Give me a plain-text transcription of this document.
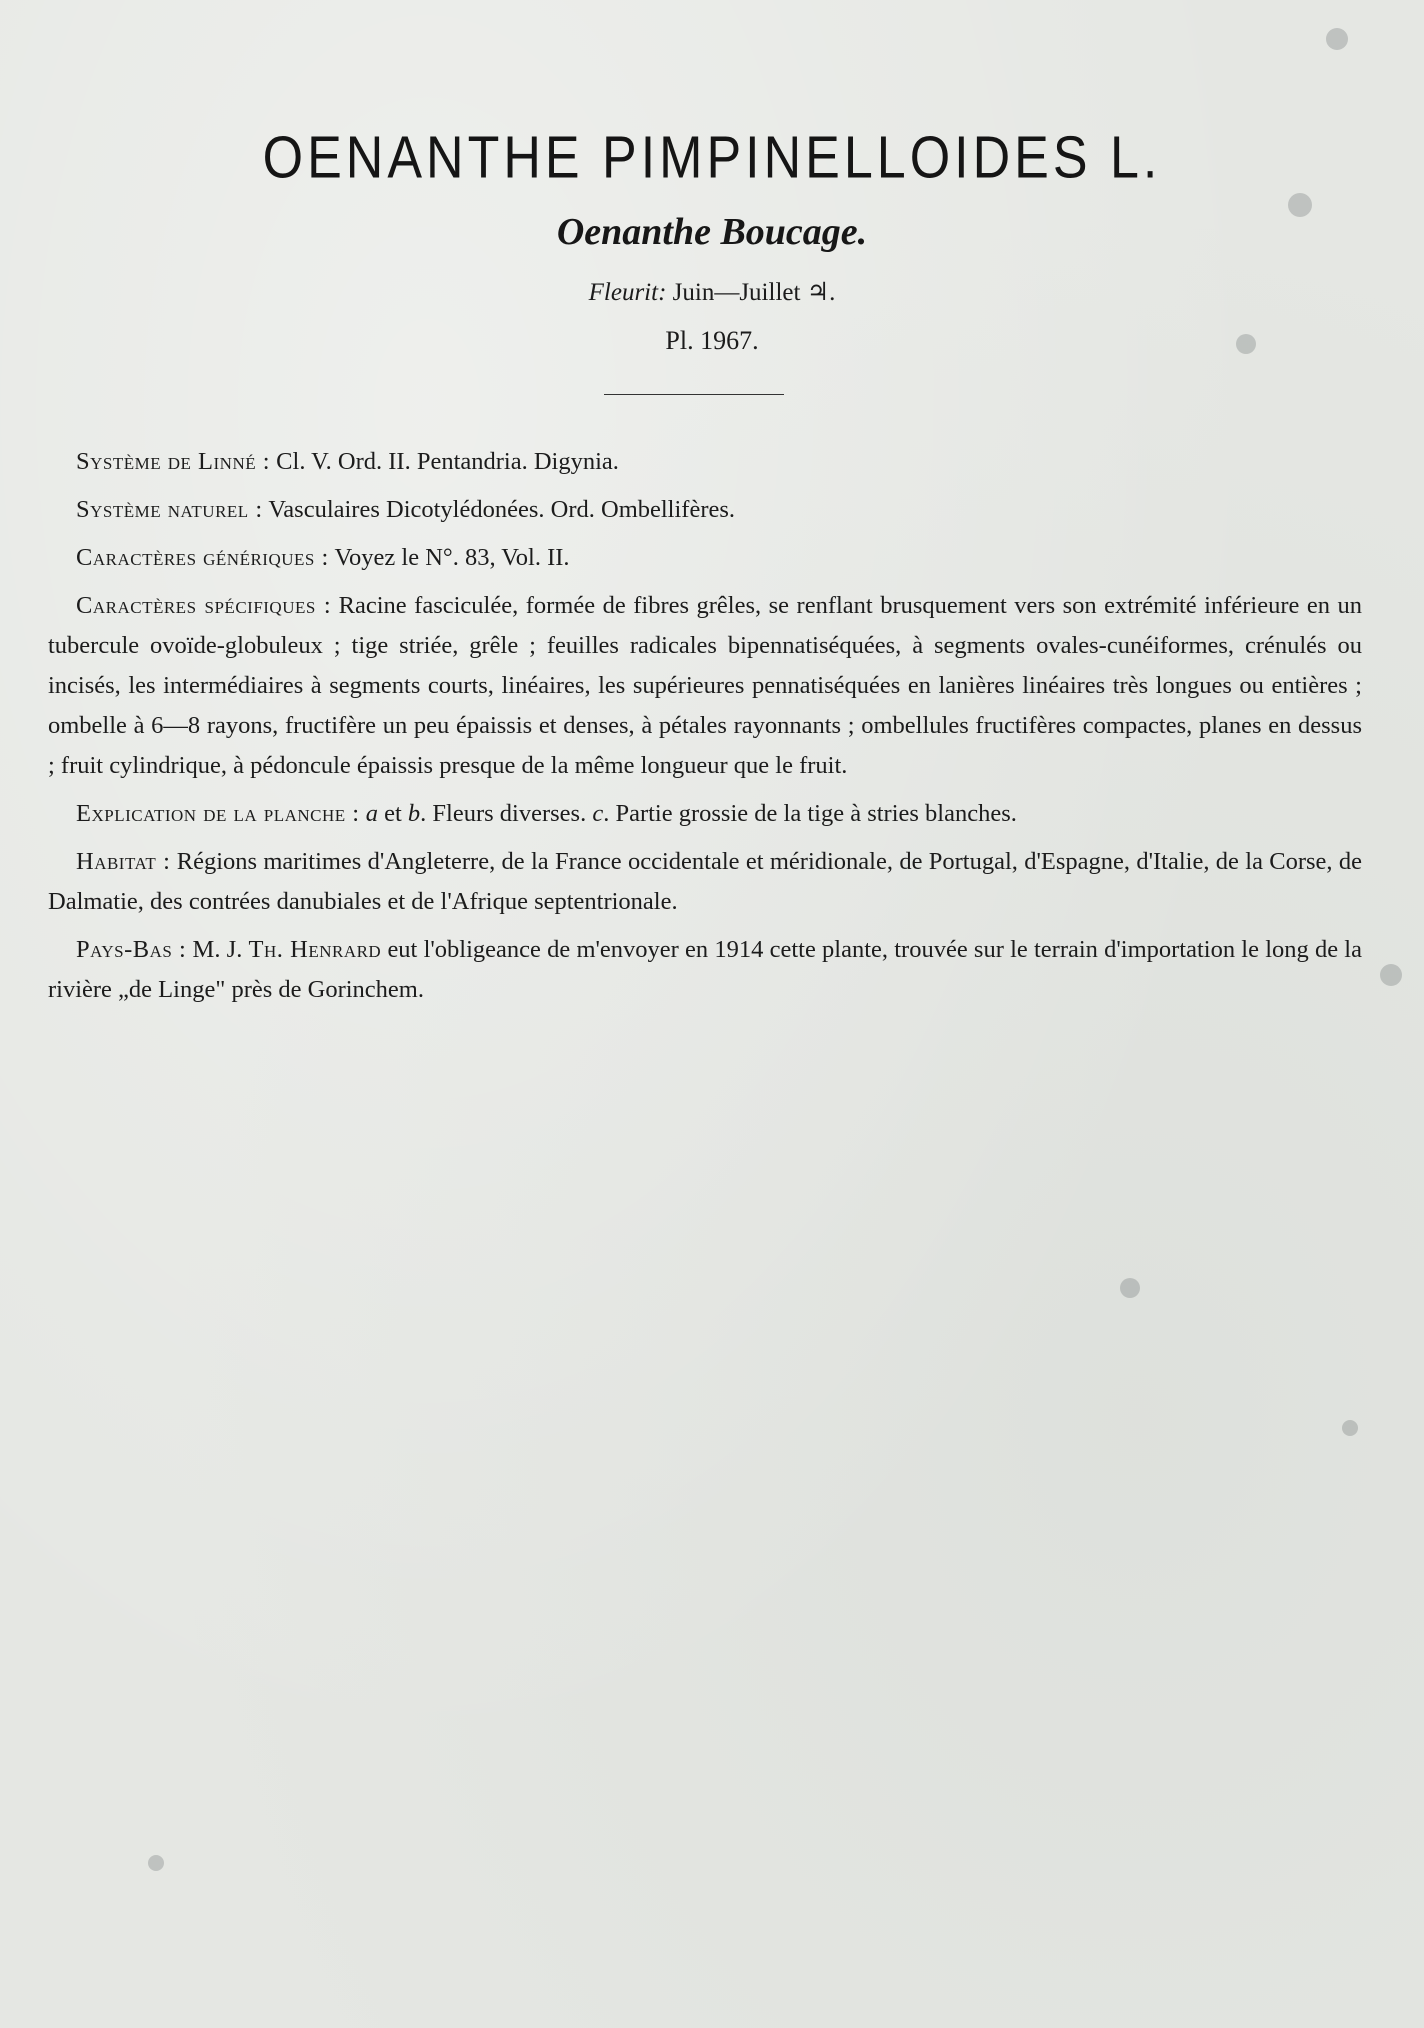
OENANTHE PIMPINELLOIDES L.
Oenanthe Boucage.
Fleurit: Juin—Juillet ♃.
Pl. 1967.

Système de Linné : Cl. V. Ord. II. Pentandria. Digynia.

Système naturel : Vasculaires Dicotylédonées. Ord. Ombellifères.

Caractères génériques : Voyez le N°. 83, Vol. II.

Caractères spécifiques : Racine fasciculée, formée de fibres grêles, se renflant brusquement vers son extrémité inférieure en un tubercule ovoïde-globuleux ; tige striée, grêle ; feuilles radicales bipennatiséquées, à segments ovales-cunéiformes, crénulés ou incisés, les intermédiaires à segments courts, linéaires, les supérieures pennatiséquées en lanières linéaires très longues ou entières ; ombelle à 6—8 rayons, fructifère un peu épaissis et denses, à pétales rayonnants ; ombellules fructifères compactes, planes en dessus ; fruit cylindrique, à pédoncule épaissis presque de la même longueur que le fruit.

Explication de la planche : a et b. Fleurs diverses. c. Partie grossie de la tige à stries blanches.

Habitat : Régions maritimes d'Angleterre, de la France occidentale et méridionale, de Portugal, d'Espagne, d'Italie, de la Corse, de Dalmatie, des contrées danubiales et de l'Afrique septentrionale.

Pays-Bas : M. J. Th. Henrard eut l'obligeance de m'envoyer en 1914 cette plante, trouvée sur le terrain d'importation le long de la rivière „de Linge" près de Gorinchem.
